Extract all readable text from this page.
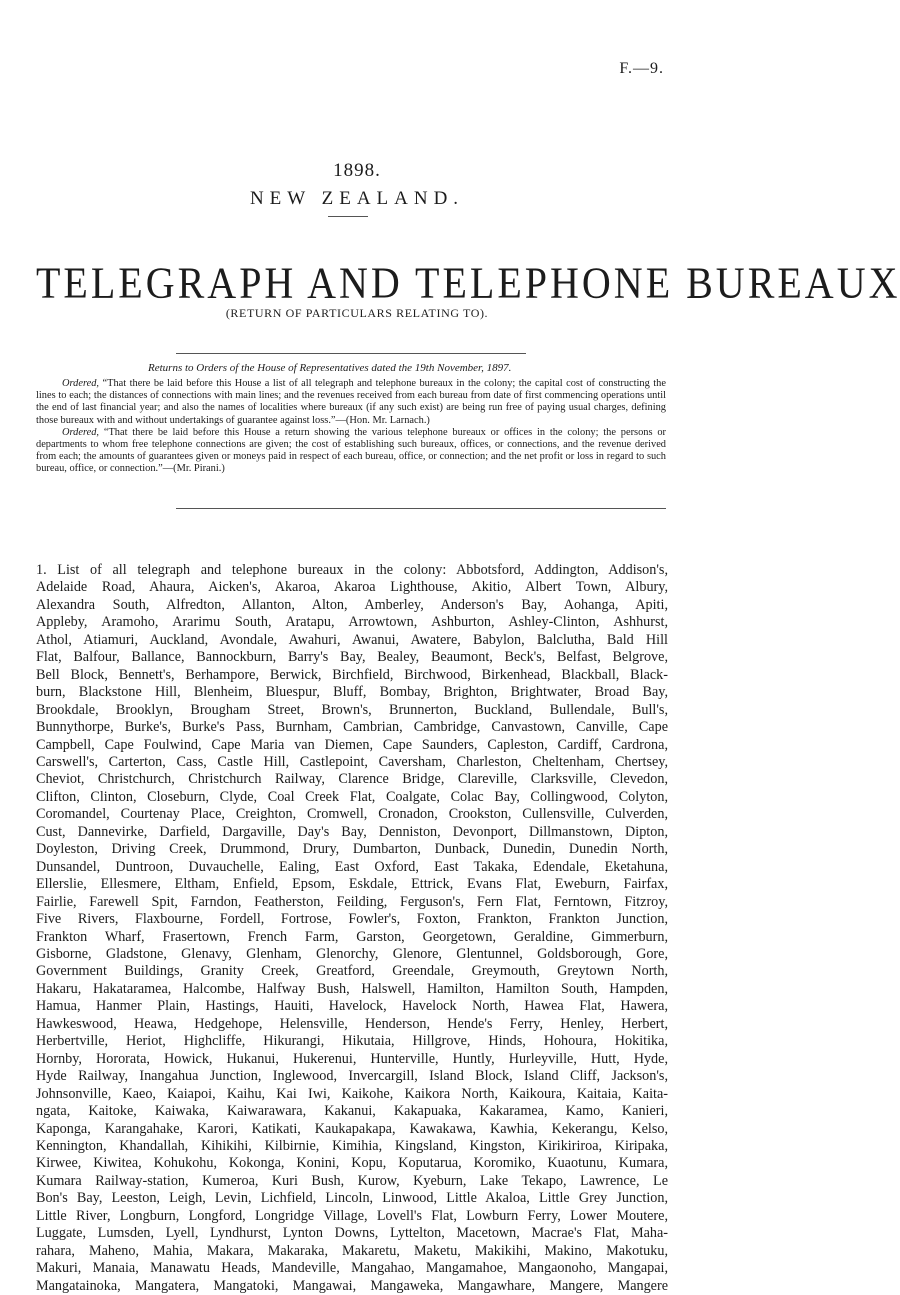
F.—9.
1898.
NEW ZEALAND.
TELEGRAPH AND TELEPHONE BUREAUX
(RETURN OF PARTICULARS RELATING TO).
Returns to Orders of the House of Representatives dated the 19th November, 1897.

Ordered, “That there be laid before this House a list of all telegraph and telephone bureaux in the colony; the capital cost of constructing the lines to each; the distances of connections with main lines; and the revenues received from each bureau from date of first commencing operations until the end of last financial year; and also the names of localities where bureaux (if any such exist) are being run free of paying usual charges, defining those bureaux with and without undertakings of guarantee against loss.”—(Hon. Mr. Larnach.)

Ordered, “That there be laid before this House a return showing the various telephone bureaux or offices in the colony; the persons or departments to whom free telephone connections are given; the cost of establishing such bureaux, offices, or connections, and the revenue derived from each; the amounts of guarantees given or moneys paid in respect of each bureau, office, or connection; and the net profit or loss in regard to such bureau, office, or connection.”—(Mr. Pirani.)

1. List of all telegraph and telephone bureaux in the colony: Abbotsford, Addington, Addison's,
Adelaide Road, Ahaura, Aicken's, Akaroa, Akaroa Lighthouse, Akitio, Albert Town, Albury,
Alexandra South, Alfredton, Allanton, Alton, Amberley, Anderson's Bay, Aohanga, Apiti,
Appleby, Aramoho, Ararimu South, Aratapu, Arrowtown, Ashburton, Ashley-Clinton, Ashhurst,
Athol, Atiamuri, Auckland, Avondale, Awahuri, Awanui, Awatere, Babylon, Balclutha, Bald Hill
Flat, Balfour, Ballance, Bannockburn, Barry's Bay, Bealey, Beaumont, Beck's, Belfast, Belgrove,
Bell Block, Bennett's, Berhampore, Berwick, Birchfield, Birchwood, Birkenhead, Blackball, Black-
burn, Blackstone Hill, Blenheim, Bluespur, Bluff, Bombay, Brighton, Brightwater, Broad Bay,
Brookdale, Brooklyn, Brougham Street, Brown's, Brunnerton, Buckland, Bullendale, Bull's,
Bunnythorpe, Burke's, Burke's Pass, Burnham, Cambrian, Cambridge, Canvastown, Canville, Cape
Campbell, Cape Foulwind, Cape Maria van Diemen, Cape Saunders, Capleston, Cardiff, Cardrona,
Carswell's, Carterton, Cass, Castle Hill, Castlepoint, Caversham, Charleston, Cheltenham, Chertsey,
Cheviot, Christchurch, Christchurch Railway, Clarence Bridge, Clareville, Clarksville, Clevedon,
Clifton, Clinton, Closeburn, Clyde, Coal Creek Flat, Coalgate, Colac Bay, Collingwood, Colyton,
Coromandel, Courtenay Place, Creighton, Cromwell, Cronadon, Crookston, Cullensville, Culverden,
Cust, Dannevirke, Darfield, Dargaville, Day's Bay, Denniston, Devonport, Dillmanstown, Dipton,
Doyleston, Driving Creek, Drummond, Drury, Dumbarton, Dunback, Dunedin, Dunedin North,
Dunsandel, Duntroon, Duvauchelle, Ealing, East Oxford, East Takaka, Edendale, Eketahuna,
Ellerslie, Ellesmere, Eltham, Enfield, Epsom, Eskdale, Ettrick, Evans Flat, Eweburn, Fairfax,
Fairlie, Farewell Spit, Farndon, Featherston, Feilding, Ferguson's, Fern Flat, Ferntown, Fitzroy,
Five Rivers, Flaxbourne, Fordell, Fortrose, Fowler's, Foxton, Frankton, Frankton Junction,
Frankton Wharf, Frasertown, French Farm, Garston, Georgetown, Geraldine, Gimmerburn,
Gisborne, Gladstone, Glenavy, Glenham, Glenorchy, Glenore, Glentunnel, Goldsborough, Gore,
Government Buildings, Granity Creek, Greatford, Greendale, Greymouth, Greytown North,
Hakaru, Hakataramea, Halcombe, Halfway Bush, Halswell, Hamilton, Hamilton South, Hampden,
Hamua, Hanmer Plain, Hastings, Hauiti, Havelock, Havelock North, Hawea Flat, Hawera,
Hawkeswood, Heawa, Hedgehope, Helensville, Henderson, Hende's Ferry, Henley, Herbert,
Herbertville, Heriot, Highcliffe, Hikurangi, Hikutaia, Hillgrove, Hinds, Hohoura, Hokitika,
Hornby, Hororata, Howick, Hukanui, Hukerenui, Hunterville, Huntly, Hurleyville, Hutt, Hyde,
Hyde Railway, Inangahua Junction, Inglewood, Invercargill, Island Block, Island Cliff, Jackson's,
Johnsonville, Kaeo, Kaiapoi, Kaihu, Kai Iwi, Kaikohe, Kaikora North, Kaikoura, Kaitaia, Kaita-
ngata, Kaitoke, Kaiwaka, Kaiwarawara, Kakanui, Kakapuaka, Kakaramea, Kamo, Kanieri,
Kaponga, Karangahake, Karori, Katikati, Kaukapakapa, Kawakawa, Kawhia, Kekerangu, Kelso,
Kennington, Khandallah, Kihikihi, Kilbirnie, Kimihia, Kingsland, Kingston, Kirikiriroa, Kiripaka,
Kirwee, Kiwitea, Kohukohu, Kokonga, Konini, Kopu, Koputarua, Koromiko, Kuaotunu, Kumara,
Kumara Railway-station, Kumeroa, Kuri Bush, Kurow, Kyeburn, Lake Tekapo, Lawrence, Le
Bon's Bay, Leeston, Leigh, Levin, Lichfield, Lincoln, Linwood, Little Akaloa, Little Grey Junction,
Little River, Longburn, Longford, Longridge Village, Lovell's Flat, Lowburn Ferry, Lower Moutere,
Luggate, Lumsden, Lyell, Lyndhurst, Lynton Downs, Lyttelton, Macetown, Macrae's Flat, Maha-
rahara, Maheno, Mahia, Makara, Makaraka, Makaretu, Maketu, Makikihi, Makino, Makotuku,
Makuri, Manaia, Manawatu Heads, Mandeville, Mangahao, Mangamahoe, Mangaonoho, Mangapai,
Mangatainoka, Mangatera, Mangatoki, Mangawai, Mangaweka, Mangawhare, Mangere, Mangere
